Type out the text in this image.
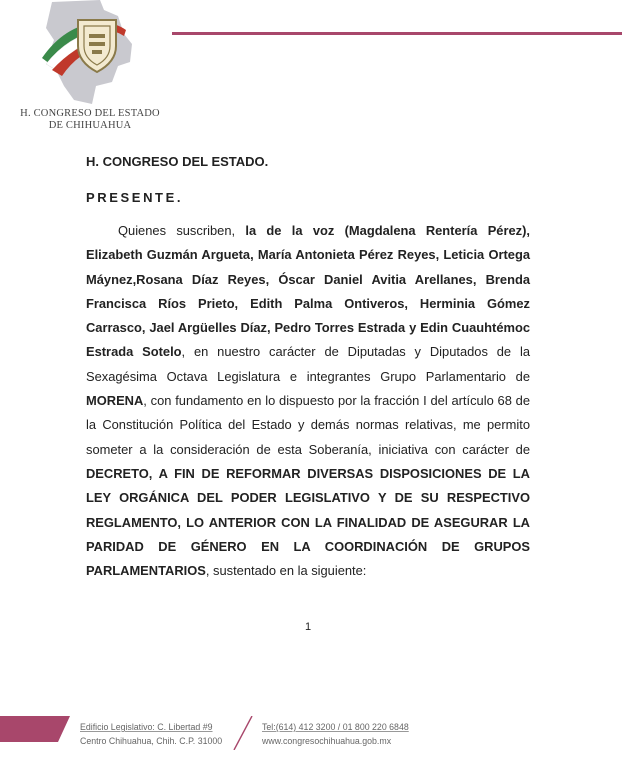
H. CONGRESO DEL ESTADO
DE CHIHUAHUA
H. CONGRESO DEL ESTADO.
PRESENTE.
Quienes suscriben, la de la voz (Magdalena Rentería Pérez), Elizabeth Guzmán Argueta, María Antonieta Pérez Reyes, Leticia Ortega Máynez,Rosana Díaz Reyes, Óscar Daniel Avitia Arellanes, Brenda Francisca Ríos Prieto, Edith Palma Ontiveros, Herminia Gómez Carrasco, Jael Argüelles Díaz, Pedro Torres Estrada y Edin Cuauhtémoc Estrada Sotelo, en nuestro carácter de Diputadas y Diputados de la Sexagésima Octava Legislatura e integrantes Grupo Parlamentario de MORENA, con fundamento en lo dispuesto por la fracción I del artículo 68 de la Constitución Política del Estado y demás normas relativas, me permito someter a la consideración de esta Soberanía, iniciativa con carácter de DECRETO, A FIN DE REFORMAR DIVERSAS DISPOSICIONES DE LA LEY ORGÁNICA DEL PODER LEGISLATIVO Y DE SU RESPECTIVO REGLAMENTO, LO ANTERIOR CON LA FINALIDAD DE ASEGURAR LA PARIDAD DE GÉNERO EN LA COORDINACIÓN DE GRUPOS PARLAMENTARIOS, sustentado en la siguiente:
1
Edificio Legislativo: C. Libertad #9
Centro Chihuahua, Chih. C.P. 31000
Tel:(614) 412 3200 / 01 800 220 6848
www.congresochihuahua.gob.mx
